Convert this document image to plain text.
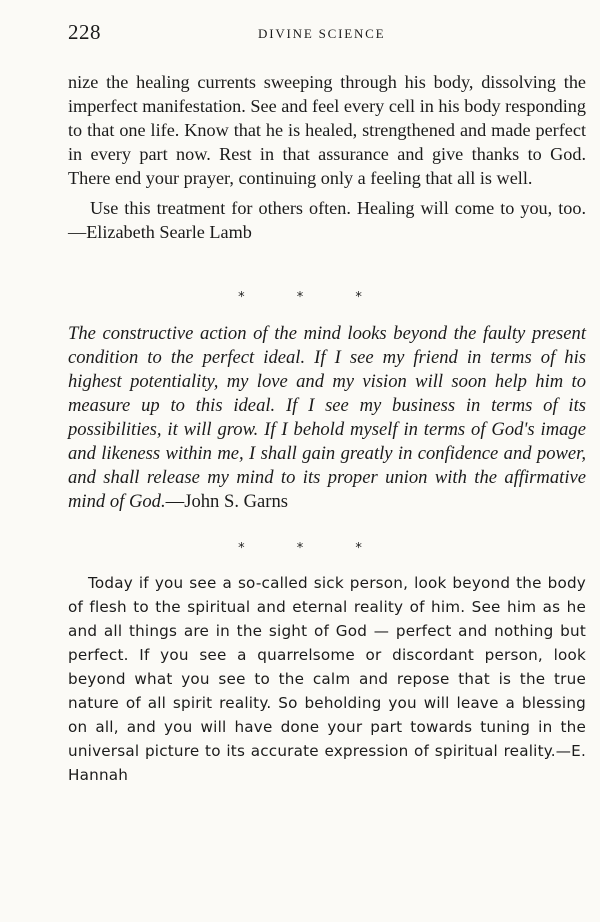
228	DIVINE SCIENCE

nize the healing currents sweeping through his body, dissolving the imperfect manifestation. See and feel every cell in his body responding to that one life. Know that he is healed, strengthened and made perfect in every part now. Rest in that assurance and give thanks to God. There end your prayer, continuing only a feeling that all is well.

Use this treatment for others often. Healing will come to you, too.—Elizabeth Searle Lamb

* * *

The constructive action of the mind looks beyond the faulty present condition to the perfect ideal. If I see my friend in terms of his highest potentiality, my love and my vision will soon help him to measure up to this ideal. If I see my business in terms of its possibilities, it will grow. If I behold myself in terms of God's image and likeness within me, I shall gain greatly in confidence and power, and shall release my mind to its proper union with the affirmative mind of God.—John S. Garns

* * *

Today if you see a so-called sick person, look beyond the body of flesh to the spiritual and eternal reality of him. See him as he and all things are in the sight of God — perfect and nothing but perfect. If you see a quarrelsome or discordant person, look beyond what you see to the calm and repose that is the true nature of all spirit reality. So beholding you will leave a blessing on all, and you will have done your part towards tuning in the universal picture to its accurate expression of spiritual reality.—E. Hannah
